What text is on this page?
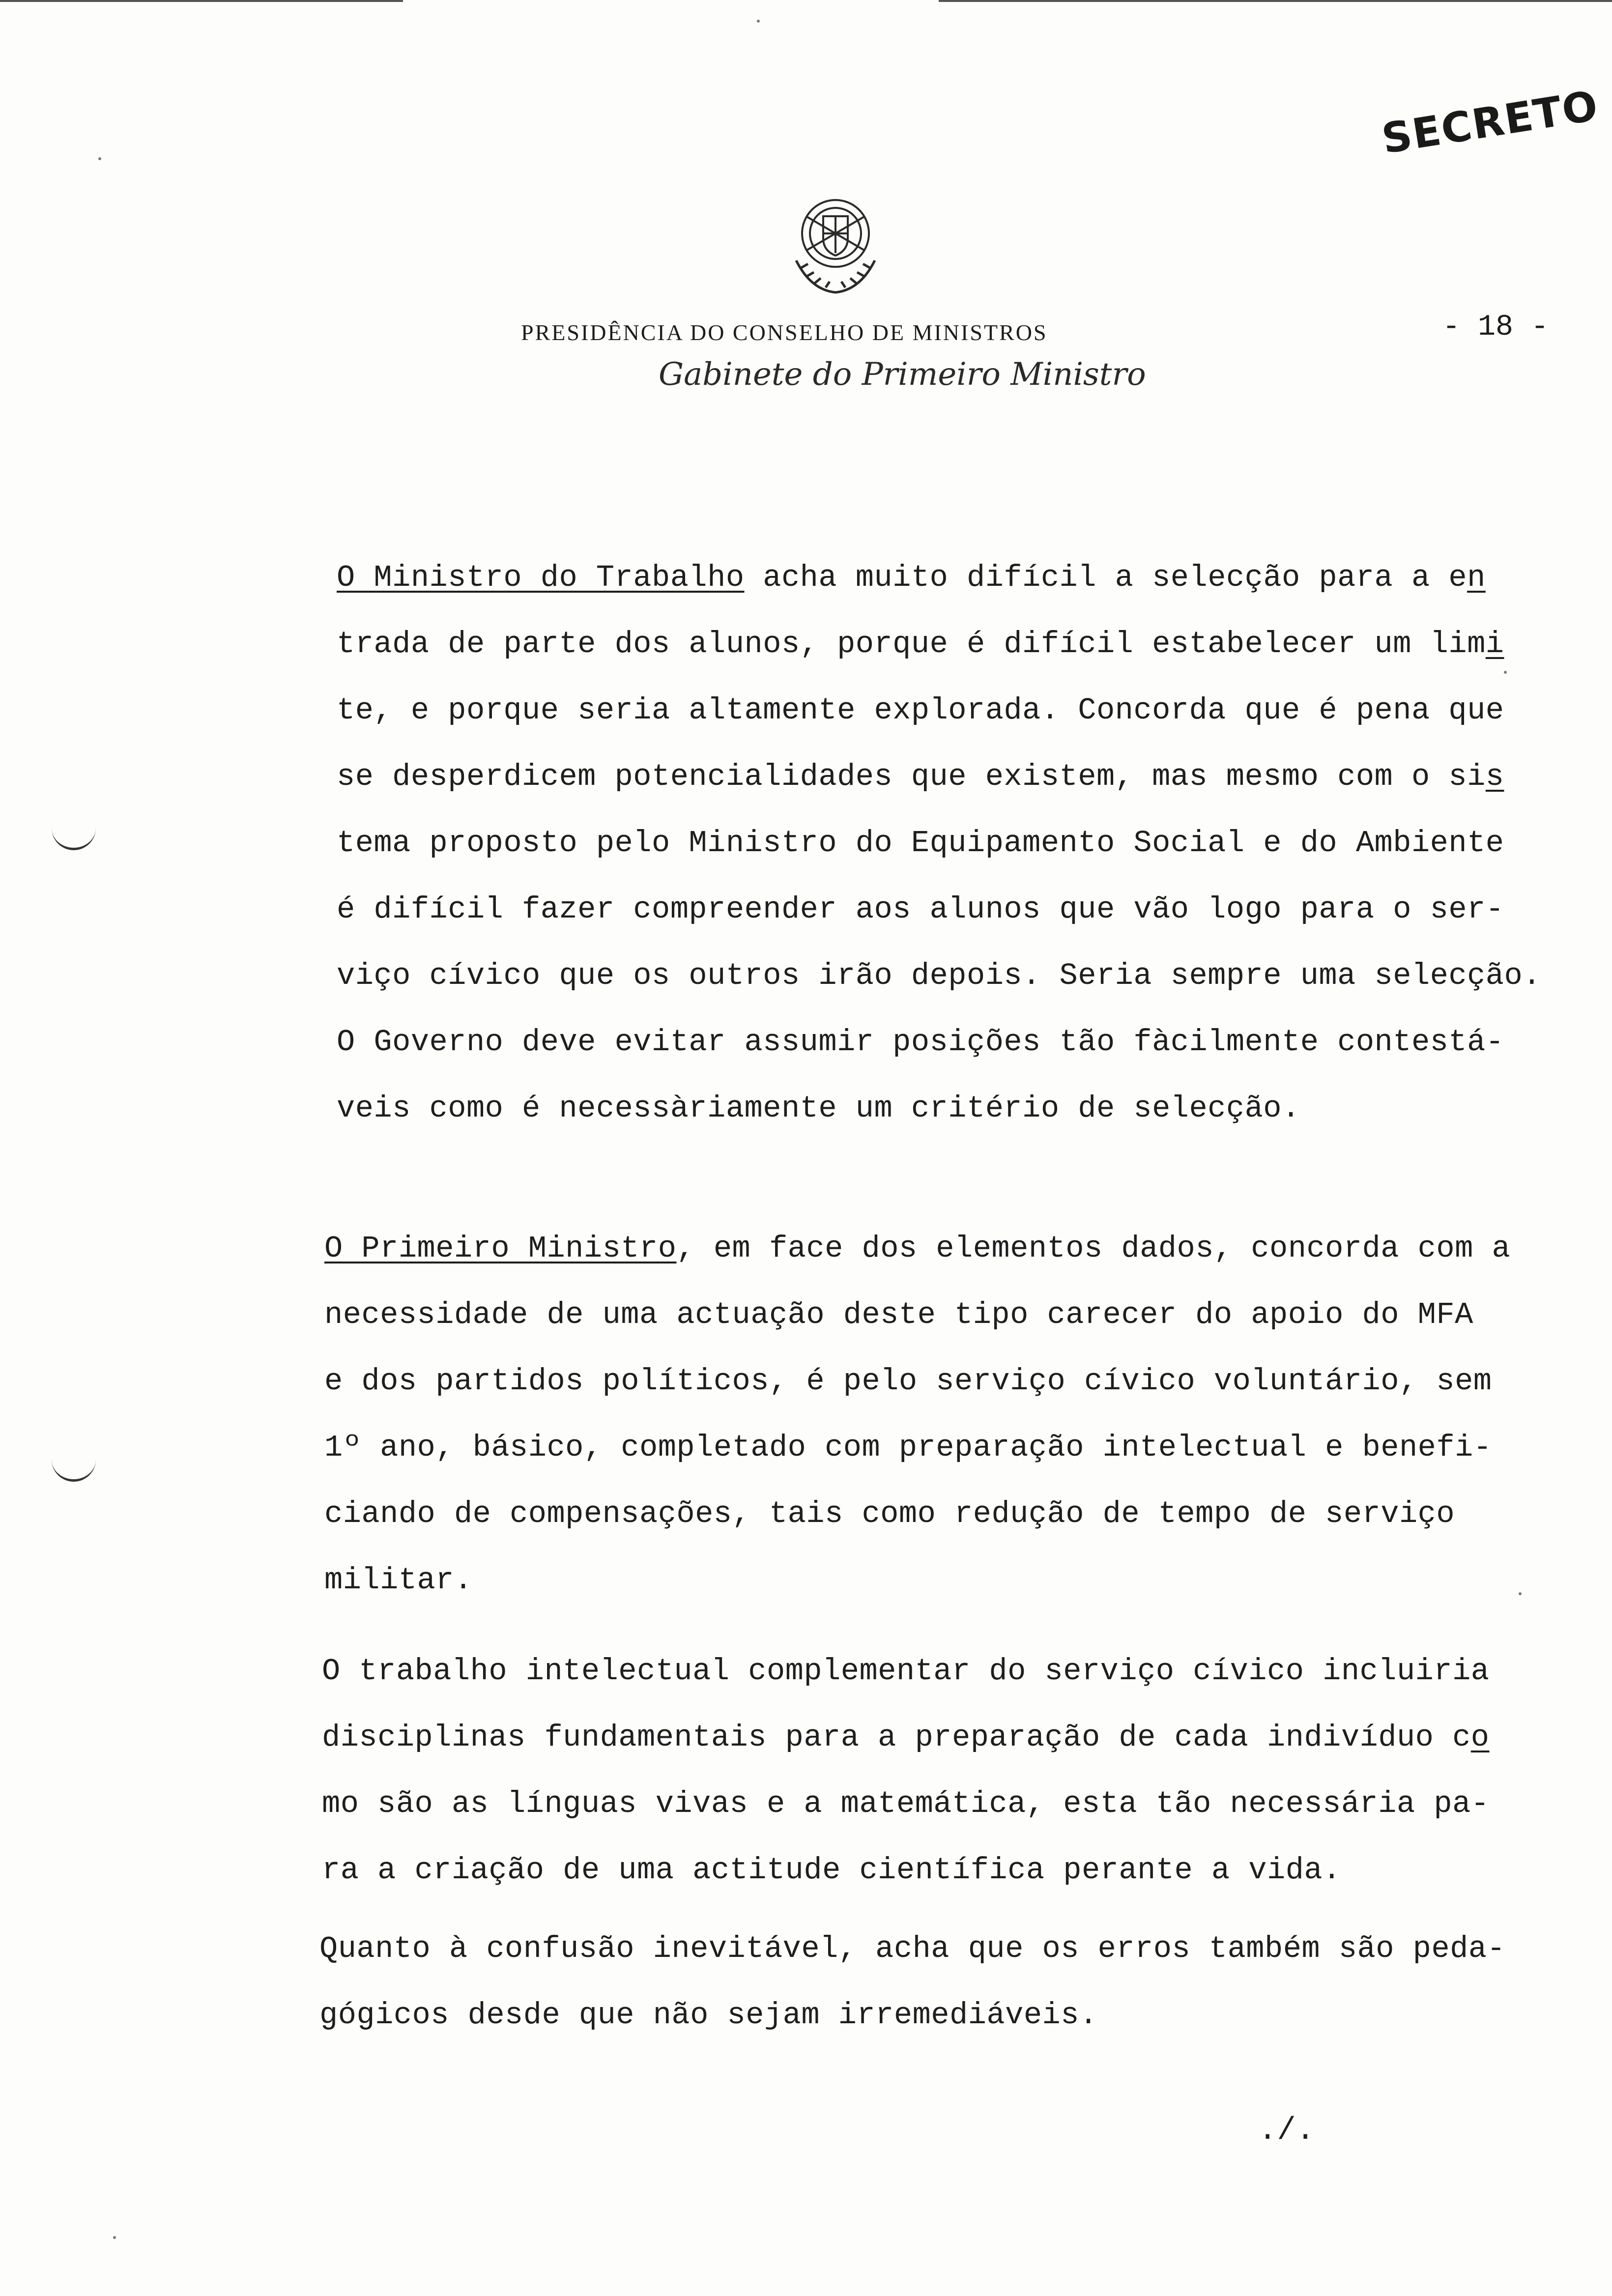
SECRETO
PRESIDÊNCIA DO CONSELHO DE MINISTROS
Gabinete do Primeiro Ministro
- 18 -
O Ministro do Trabalho acha muito difícil a selecção para a en
trada de parte dos alunos, porque é difícil estabelecer um limi
te, e porque seria altamente explorada. Concorda que é pena que
se desperdicem potencialidades que existem, mas mesmo com o sis
tema proposto pelo Ministro do Equipamento Social e do Ambiente
é difícil fazer compreender aos alunos que vão logo para o ser-
viço cívico que os outros irão depois. Seria sempre uma selecção.
O Governo deve evitar assumir posições tão fàcilmente contestá-
veis como é necessàriamente um critério de selecção.
O Primeiro Ministro, em face dos elementos dados, concorda com a
necessidade de uma actuação deste tipo carecer do apoio do MFA
e dos partidos políticos, é pelo serviço cívico voluntário, sem
1º ano, básico, completado com preparação intelectual e benefi-
ciando de compensações, tais como redução de tempo de serviço
militar.
O trabalho intelectual complementar do serviço cívico incluiria
disciplinas fundamentais para a preparação de cada indivíduo co
mo são as línguas vivas e a matemática, esta tão necessária pa-
ra a criação de uma actitude científica perante a vida.
Quanto à confusão inevitável, acha que os erros também são peda-
gógicos desde que não sejam irremediáveis.
./.
